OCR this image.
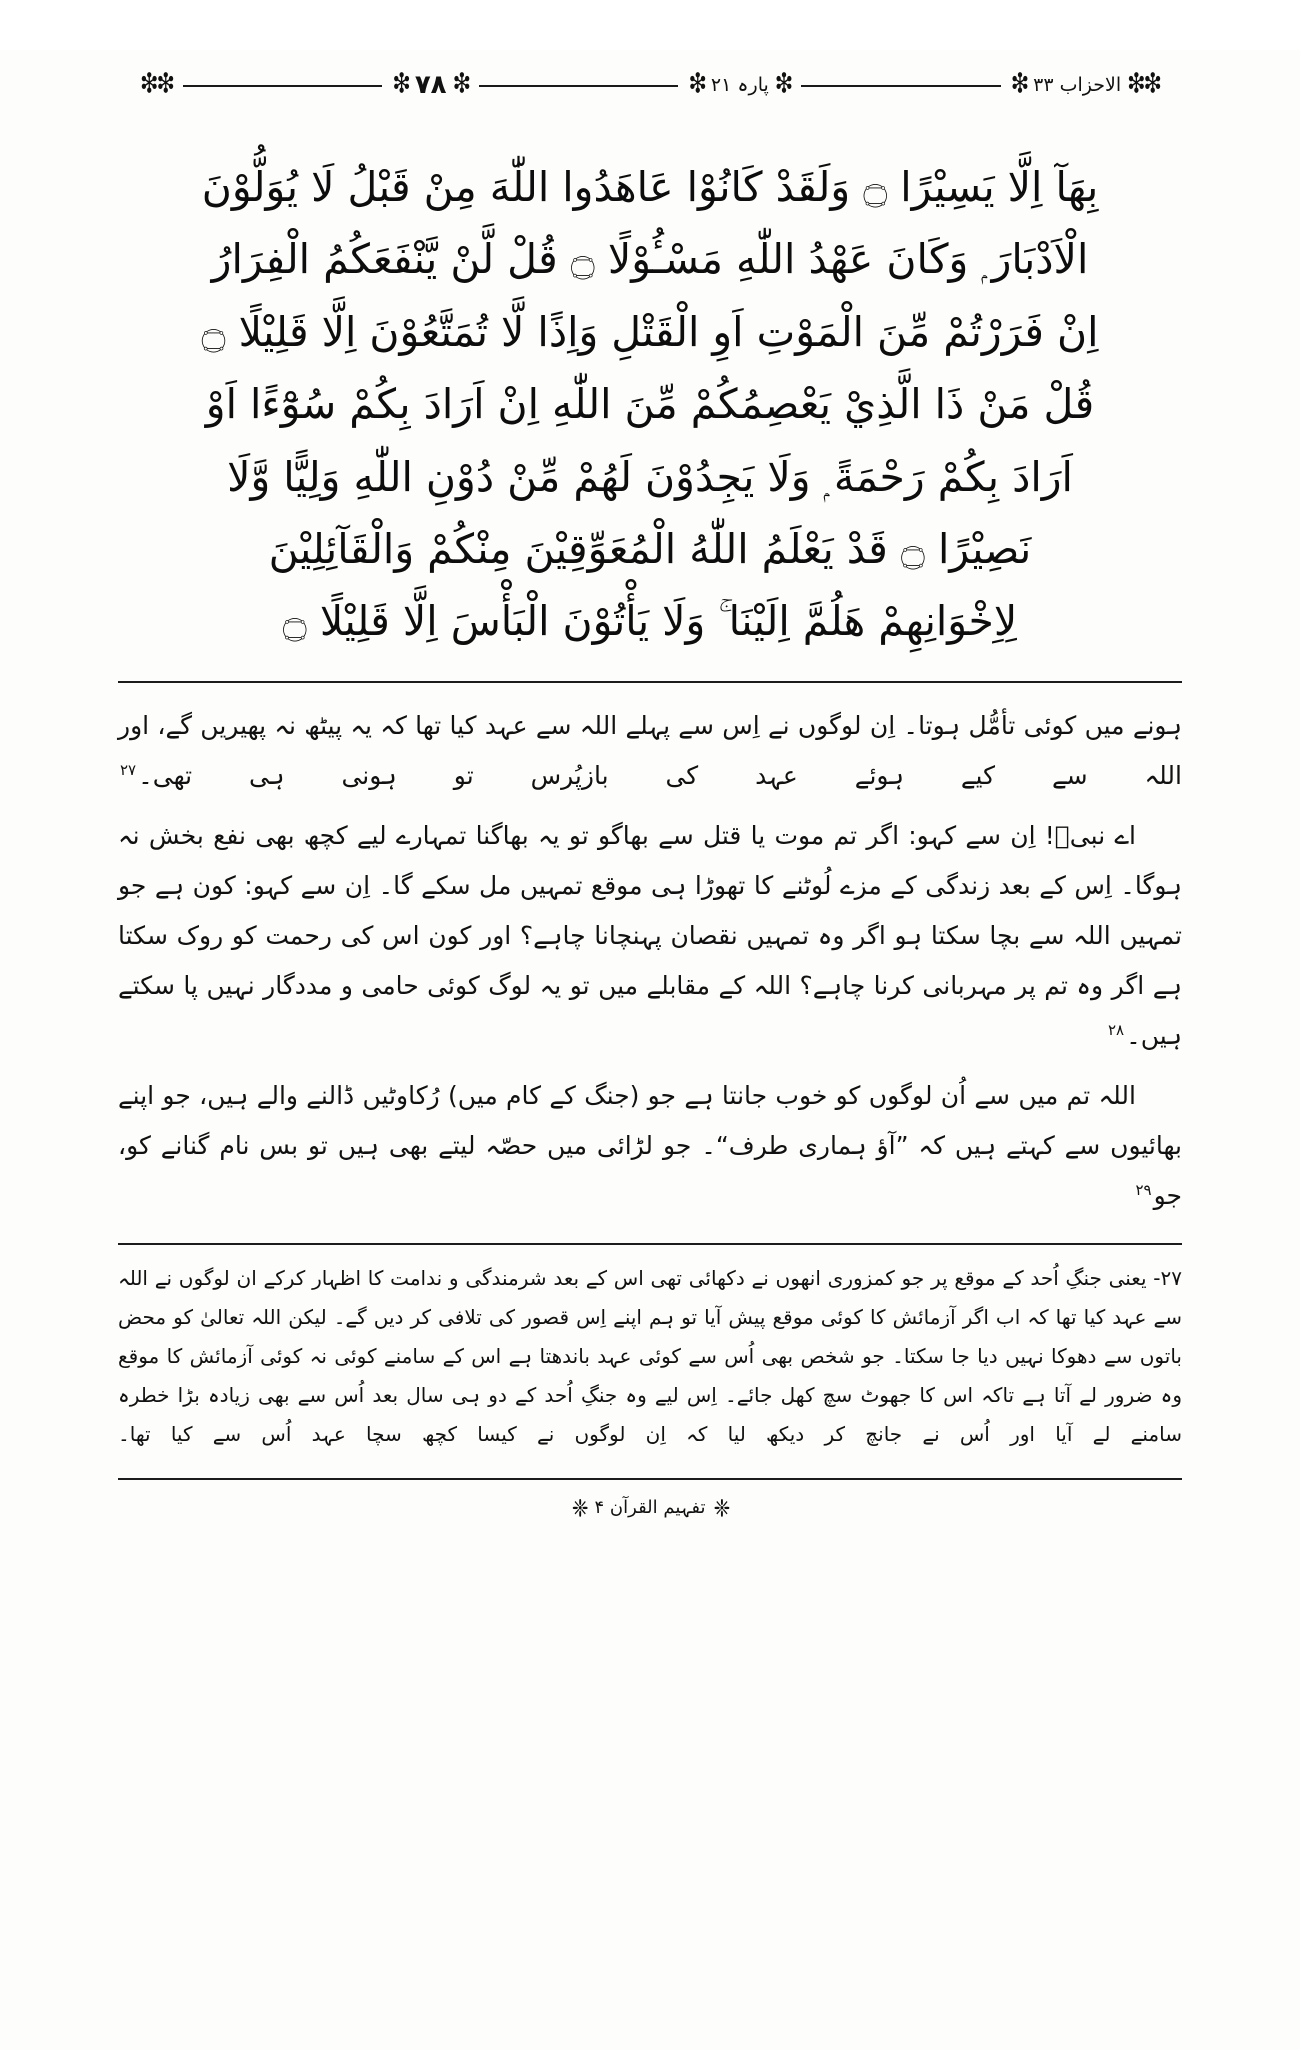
❇❇
الاحزاب ۳۳
❇
❇
پارہ ۲۱
❇
❇
۷۸
❇
❇❇
بِهَآ اِلَّا يَسِيْرًا ۝ وَلَقَدْ كَانُوْا عَاهَدُوا اللّٰهَ مِنْ قَبْلُ لَا يُوَلُّوْنَ
الْاَدْبَارَ ۭ وَكَانَ عَهْدُ اللّٰهِ مَسْـُٔوْلًا ۝ قُلْ لَّنْ يَّنْفَعَكُمُ الْفِرَارُ
اِنْ فَرَرْتُمْ مِّنَ الْمَوْتِ اَوِ الْقَتْلِ وَاِذًا لَّا تُمَتَّعُوْنَ اِلَّا قَلِيْلًا ۝
قُلْ مَنْ ذَا الَّذِيْ يَعْصِمُكُمْ مِّنَ اللّٰهِ اِنْ اَرَادَ بِكُمْ سُوْٓءًا اَوْ
اَرَادَ بِكُمْ رَحْمَةً ۭ وَلَا يَجِدُوْنَ لَهُمْ مِّنْ دُوْنِ اللّٰهِ وَلِيًّا وَّلَا
نَصِيْرًا ۝ قَدْ يَعْلَمُ اللّٰهُ الْمُعَوِّقِيْنَ مِنْكُمْ وَالْقَآئِلِيْنَ
لِاِخْوَانِهِمْ هَلُمَّ اِلَيْنَا ۚ وَلَا يَأْتُوْنَ الْبَأْسَ اِلَّا قَلِيْلًا ۝

ہونے میں کوئی تأمُّل ہوتا۔ اِن لوگوں نے اِس سے پہلے اللہ سے عہد کیا تھا کہ یہ پیٹھ نہ پھیریں گے، اور اللہ سے کیے ہوئے عہد کی بازپُرس تو ہونی ہی تھی۔$^{۲۷}$

اے نبیؐ! اِن سے کہو: اگر تم موت یا قتل سے بھاگو تو یہ بھاگنا تمہارے لیے کچھ بھی نفع بخش نہ ہوگا۔ اِس کے بعد زندگی کے مزے لُوٹنے کا تھوڑا ہی موقع تمہیں مل سکے گا۔ اِن سے کہو: کون ہے جو تمہیں اللہ سے بچا سکتا ہو اگر وہ تمہیں نقصان پہنچانا چاہے؟ اور کون اس کی رحمت کو روک سکتا ہے اگر وہ تم پر مہربانی کرنا چاہے؟ اللہ کے مقابلے میں تو یہ لوگ کوئی حامی و مددگار نہیں پا سکتے ہیں۔$^{۲۸}$

اللہ تم میں سے اُن لوگوں کو خوب جانتا ہے جو (جنگ کے کام میں) رُکاوٹیں ڈالنے والے ہیں، جو اپنے بھائیوں سے کہتے ہیں کہ ”آؤ ہماری طرف“۔ جو لڑائی میں حصّہ لیتے بھی ہیں تو بس نام گنانے کو، جو$^{۲۹}$

۲۷- یعنی جنگِ اُحد کے موقع پر جو کمزوری انھوں نے دکھائی تھی اس کے بعد شرمندگی و ندامت کا اظہار کرکے ان لوگوں نے اللہ سے عہد کیا تھا کہ اب اگر آزمائش کا کوئی موقع پیش آیا تو ہم اپنے اِس قصور کی تلافی کر دیں گے۔ لیکن اللہ تعالیٰ کو محض باتوں سے دھوکا نہیں دیا جا سکتا۔ جو شخص بھی اُس سے کوئی عہد باندھتا ہے اس کے سامنے کوئی نہ کوئی آزمائش کا موقع وہ ضرور لے آتا ہے تاکہ اس کا جھوٹ سچ کھل جائے۔ اِس لیے وہ جنگِ اُحد کے دو ہی سال بعد اُس سے بھی زیادہ بڑا خطرہ سامنے لے آیا اور اُس نے جانچ کر دیکھ لیا کہ اِن لوگوں نے کیسا کچھ سچا عہد اُس سے کیا تھا۔

❈
تفہیم القرآن ۴
❈
